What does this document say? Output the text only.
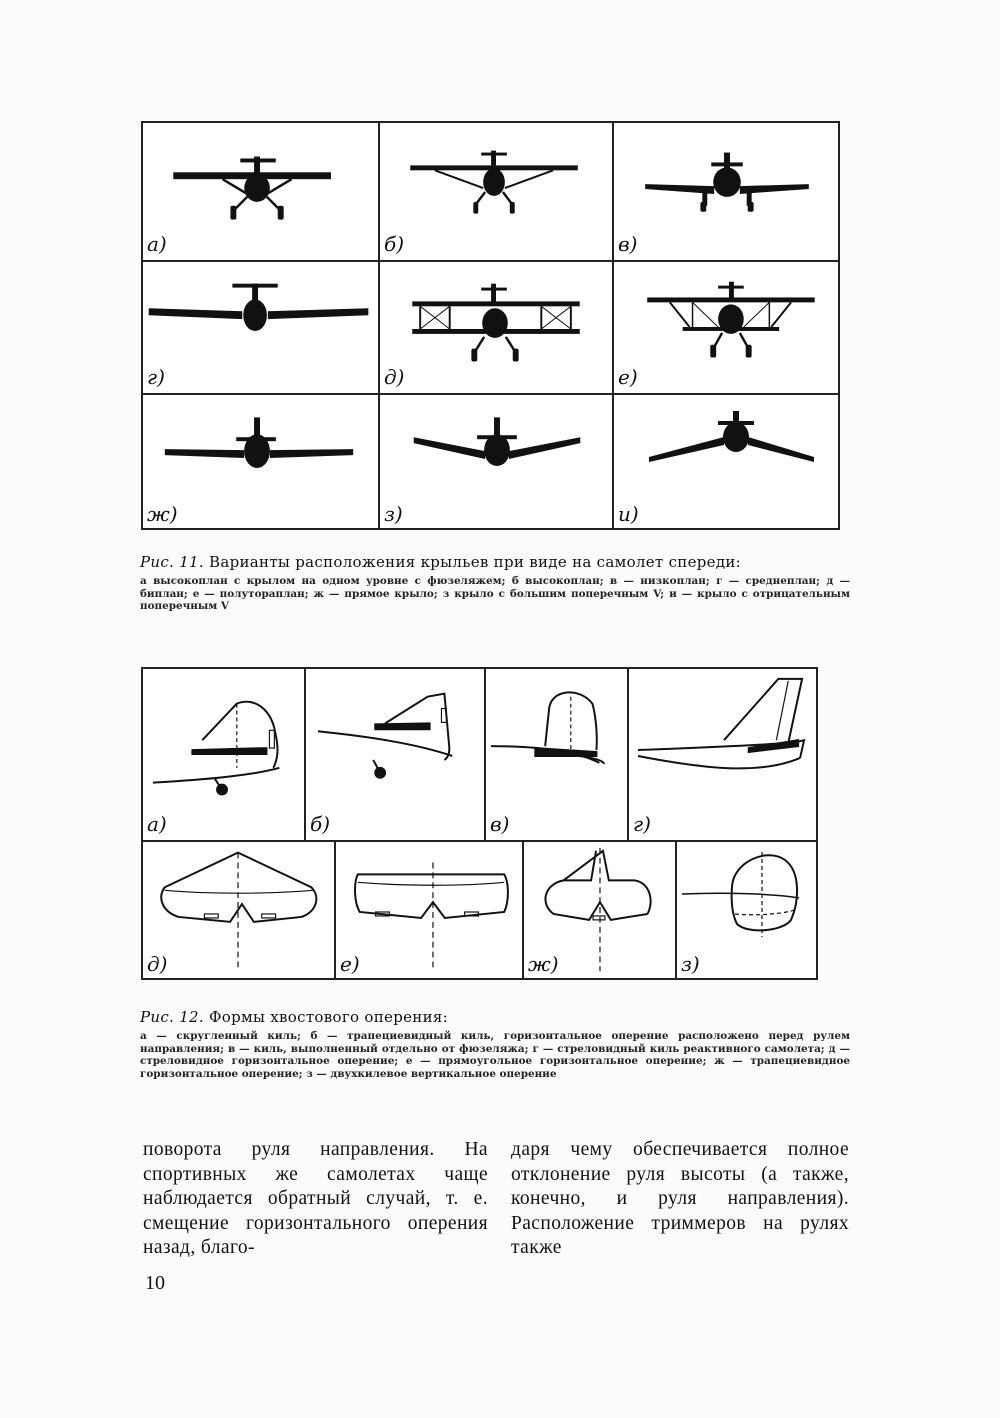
а)	б)	в)
г)	д)	е)
ж)	з)	и)
Рис. 11. Варианты расположения крыльев при виде на самолет спереди:
а высокоплан с крылом на одном уровне с фюзеляжем; б высокоплан; в — низкоплан; г — среднеплан; д — биплан; е — полутораплан; ж — прямое крыло; з крыло с большим поперечным V; и — крыло с отрицательным поперечным V
а)	б)	в)	г)
д)	е)	ж)	з)
Рис. 12. Формы хвостового оперения:
а — скругленный киль; б — трапециевидный киль, горизонтальное оперение расположено перед рулем направления; в — киль, выполненный отдельно от фюзеляжа; г — стреловидный киль реактивного самолета; д — стреловидное горизонтальное оперение; е — прямоугольное горизонтальное оперение; ж — трапециевидное горизонтальное оперение; з — двухкилевое вертикальное оперение

поворота руля направления. На спортивных же самолетах чаще наблюдается обратный случай, т. е. смещение горизонтального оперения назад, благо-

даря чему обеспечивается полное отклонение руля высоты (а также, конечно, и руля направления). Расположение триммеров на рулях также

10
